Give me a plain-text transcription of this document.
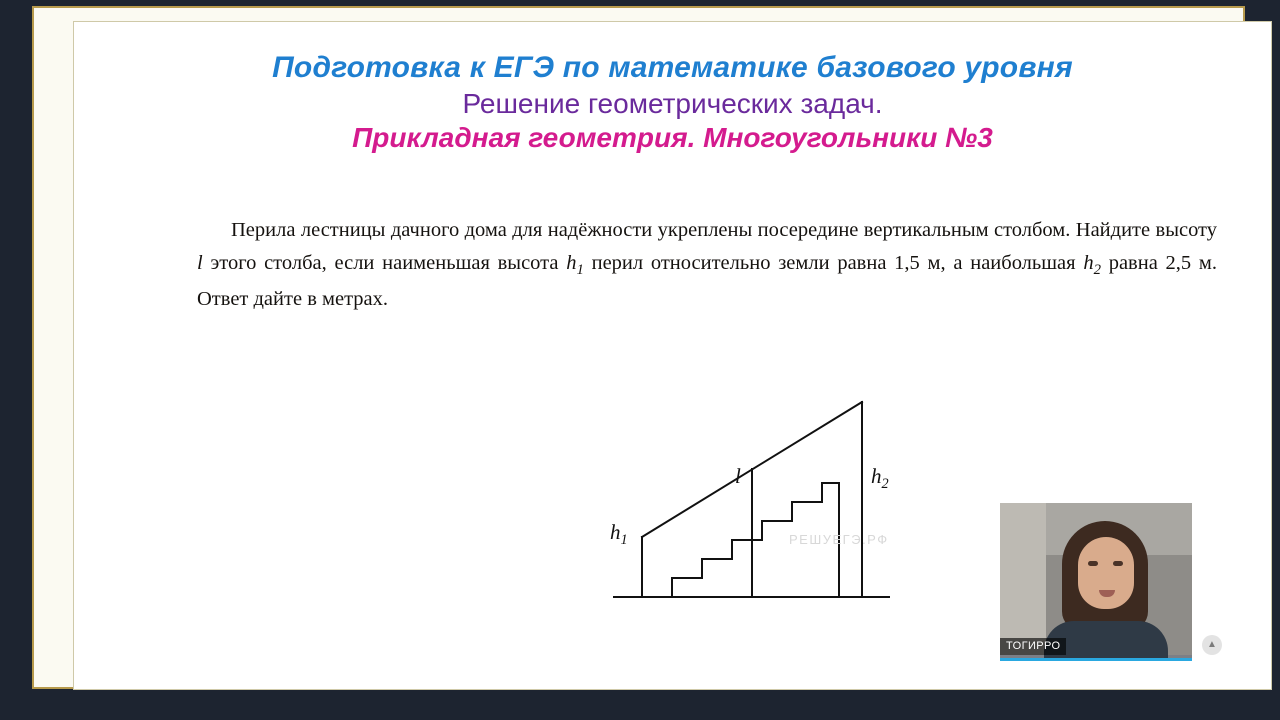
Подготовка к ЕГЭ по математике базового уровня
Решение геометрических задач.
Прикладная геометрия. Многоугольники №3
Перила лестницы дачного дома для надёжности укреплены посередине вертикальным столбом. Найдите высоту l этого столба, если наименьшая высота $h_1$ перил относительно земли равна 1,5 м, а наибольшая $h_2$ равна 2,5 м. Ответ дайте в метрах.
$h_1$
$h_2$
l
РЕШУЕГЭ.РФ
ТОГИРРО	▲
